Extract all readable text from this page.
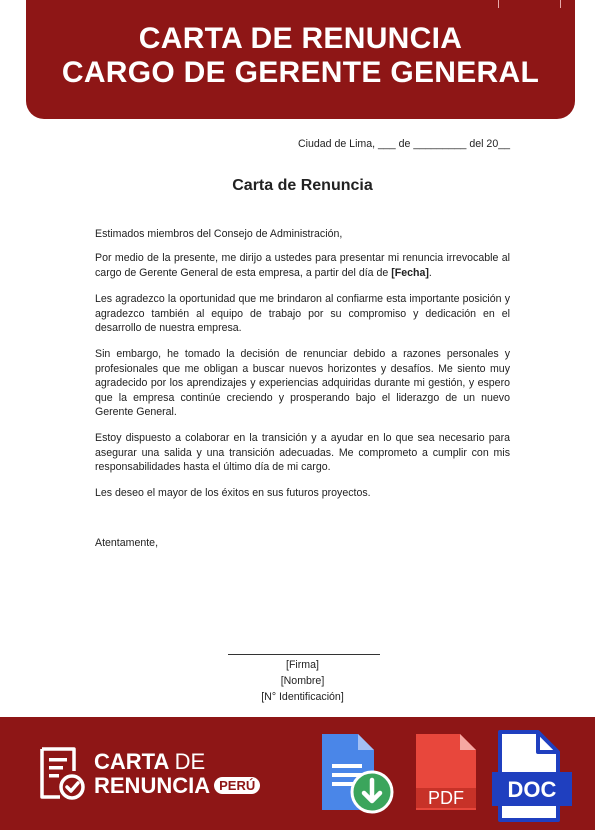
CARTA DE RENUNCIA
CARGO DE GERENTE GENERAL
Ciudad de Lima, ___ de _________ del 20__
Carta de Renuncia
Estimados miembros del Consejo de Administración,
Por medio de la presente, me dirijo a ustedes para presentar mi renuncia irrevocable al cargo de Gerente General de esta empresa, a partir del día de [Fecha].
Les agradezco la oportunidad que me brindaron al confiarme esta importante posición y agradezco también al equipo de trabajo por su compromiso y dedicación en el desarrollo de nuestra empresa.
Sin embargo, he tomado la decisión de renunciar debido a razones personales y profesionales que me obligan a buscar nuevos horizontes y desafíos. Me siento muy agradecido por los aprendizajes y experiencias adquiridas durante mi gestión, y espero que la empresa continúe creciendo y prosperando bajo el liderazgo de un nuevo Gerente General.
Estoy dispuesto a colaborar en la transición y a ayudar en lo que sea necesario para asegurar una salida y una transición adecuadas. Me comprometo a cumplir con mis responsabilidades hasta el último día de mi cargo.
Les deseo el mayor de los éxitos en sus futuros proyectos.
Atentamente,
[Firma]
[Nombre]
[N° Identificación]
CARTA DE
RENUNCIA PERÚ
PDF DOC
